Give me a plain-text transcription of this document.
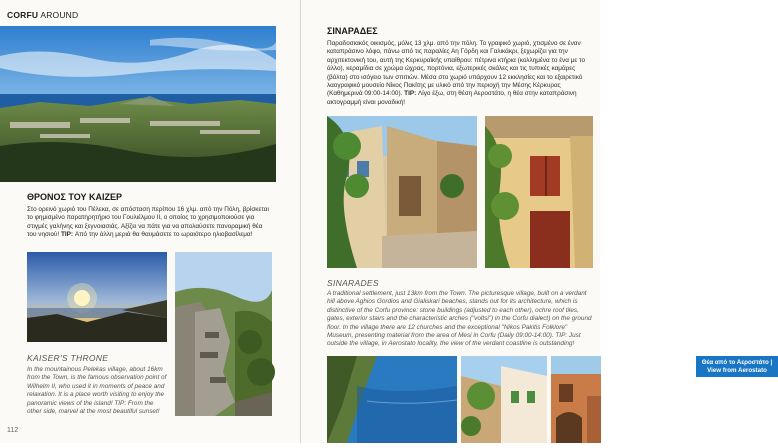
CORFU AROUND
ΘΡΟΝΟΣ ΤΟΥ ΚΑΙΖΕΡ
Στο ορεινό χωριό του Πέλεκα, σε απόσταση περίπου 16 χλμ. από την Πόλη, βρίσκεται το φημισμένο παρατηρητήριο του Γουλιέλμου ΙΙ, ο οποίος το χρησιμοποιούσε για στιγμές γαλήνης και ξεγνοιασιάς. Αξίζει να πάτε για να απολαύσετε πανοραμική θέα του νησιού! TIP: Από την άλλη μεριά θα θαυμάσετε το ωραιότερο ηλιοβασίλεμα!
KAISER'S THRONE
In the mountainous Pelekas village, about 16km from the Town, is the famous observation point of Wilhelm II, who used it in moments of peace and relaxation. It is a place worth visiting to enjoy the panoramic views of the island! TIP: From the other side, marvel at the most beautiful sunset!
112
ΣΙΝΑΡΑΔΕΣ
Παραδοσιακός οικισμός, μόλις 13 χλμ. από την πόλη. Το γραφικό χωριό, χτισμένο σε έναν καταπράσινο λόφο, πάνω από τις παραλίες Αη Γόρδη και Γαλικάκρι, ξεχωρίζει για την αρχιτεκτονική του, αυτή της Κερκυραϊκής υπαίθρου: πέτρινα κτήρια (κολλημένα το ένα με το άλλο), κεραμίδια σε χρώμα ώχρας, πορτόνια, εξωτερικές σκάλες και τις τυπικές καμάρες (βόλτα) στο ισόγειο των σπιτιών. Μέσα στο χωριό υπάρχουν 12 εκκλησίες και το εξαιρετικό λαογραφικό μουσείο Νίκος Πακίτης με υλικό από την περιοχή την Μέσης Κέρκυρας (Καθημερινά 09:00-14:00). TIP: Λίγο έξω, στη θέση Αεροστάτο, η θέα στην καταπράσινη ακτογραμμή είναι μοναδική!
SINARADES
A traditional settlement, just 13km from the Town. The picturesque village, built on a verdant hill above Aghios Gordios and Gialiskari beaches, stands out for its architecture, which is distinctive of the Corfu province: stone buildings (adjusted to each other), ochre roof tiles, gates, exterior stairs and the characteristic arches ("voltsi") in the Corfu dialect) on the ground floor. In the village there are 12 churches and the exceptional "Nikos Pakitis Folklore" Museum, presenting material from the area of Mesi in Corfu (Daily 09:00-14:00). TIP: Just outside the village, in Aerostato locality, the view of the verdant coastline is outstanding!
Θέα από το Αεροστάτο |
View from Aerostato
